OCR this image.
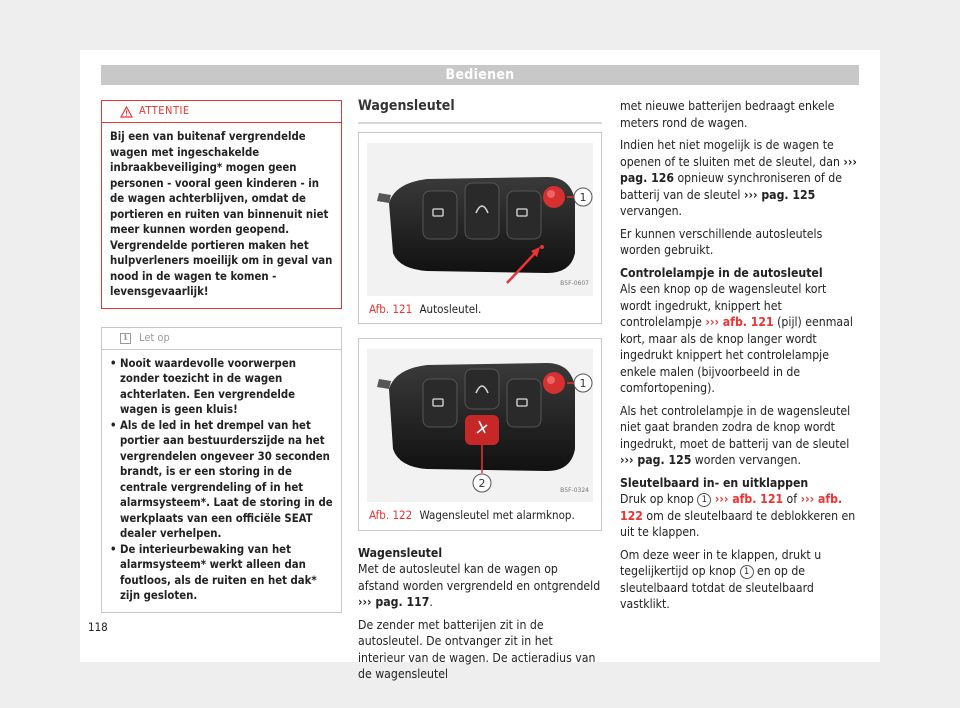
Bedienen
ATTENTIE
Bij een van buitenaf vergrendelde wagen met ingeschakelde inbraakbeveiliging* mogen geen personen - vooral geen kinderen - in de wagen achterblijven, omdat de portieren en ruiten van binnenuit niet meer kunnen worden geopend. Vergrendelde portieren maken het hulpverleners moeilijk om in geval van nood in de wagen te komen - levensgevaarlijk!
i	Let op
• Nooit waardevolle voorwerpen zonder toezicht in de wagen achterlaten. Een vergrendelde wagen is geen kluis!
• Als de led in het drempel van het portier aan bestuurderszijde na het vergrendelen ongeveer 30 seconden brandt, is er een storing in de centrale vergrendeling of in het alarmsysteem*. Laat de storing in de werkplaats van een officiële SEAT dealer verhelpen.
• De interieurbewaking van het alarmsysteem* werkt alleen dan foutloos, als de ruiten en het dak* zijn gesloten.
Wagensleutel
1
B5F-0607
Afb. 121 Autosleutel.
1
2	B5F-0324
Afb. 122 Wagensleutel met alarmknop.

Wagensleutel

Met de autosleutel kan de wagen op afstand worden vergrendeld en ontgrendeld ››› pag. 117.

De zender met batterijen zit in de autosleutel. De ontvanger zit in het interieur van de wagen. De actieradius van de wagensleutel

met nieuwe batterijen bedraagt enkele meters rond de wagen.

Indien het niet mogelijk is de wagen te openen of te sluiten met de sleutel, dan ››› pag. 126 opnieuw synchroniseren of de batterij van de sleutel ››› pag. 125 vervangen.

Er kunnen verschillende autosleutels worden gebruikt.

Controlelampje in de autosleutel

Als een knop op de wagensleutel kort wordt ingedrukt, knippert het controlelampje ››› afb. 121 (pijl) eenmaal kort, maar als de knop langer wordt ingedrukt knippert het controlelampje enkele malen (bijvoorbeeld in de comfortopening).

Als het controlelampje in de wagensleutel niet gaat branden zodra de knop wordt ingedrukt, moet de batterij van de sleutel ››› pag. 125 worden vervangen.

Sleutelbaard in- en uitklappen

Druk op knop 1 ››› afb. 121 of ››› afb. 122 om de sleutelbaard te deblokkeren en uit te klappen.

Om deze weer in te klappen, drukt u tegelijkertijd op knop 1 en op de sleutelbaard totdat de sleutelbaard vastklikt.

118
